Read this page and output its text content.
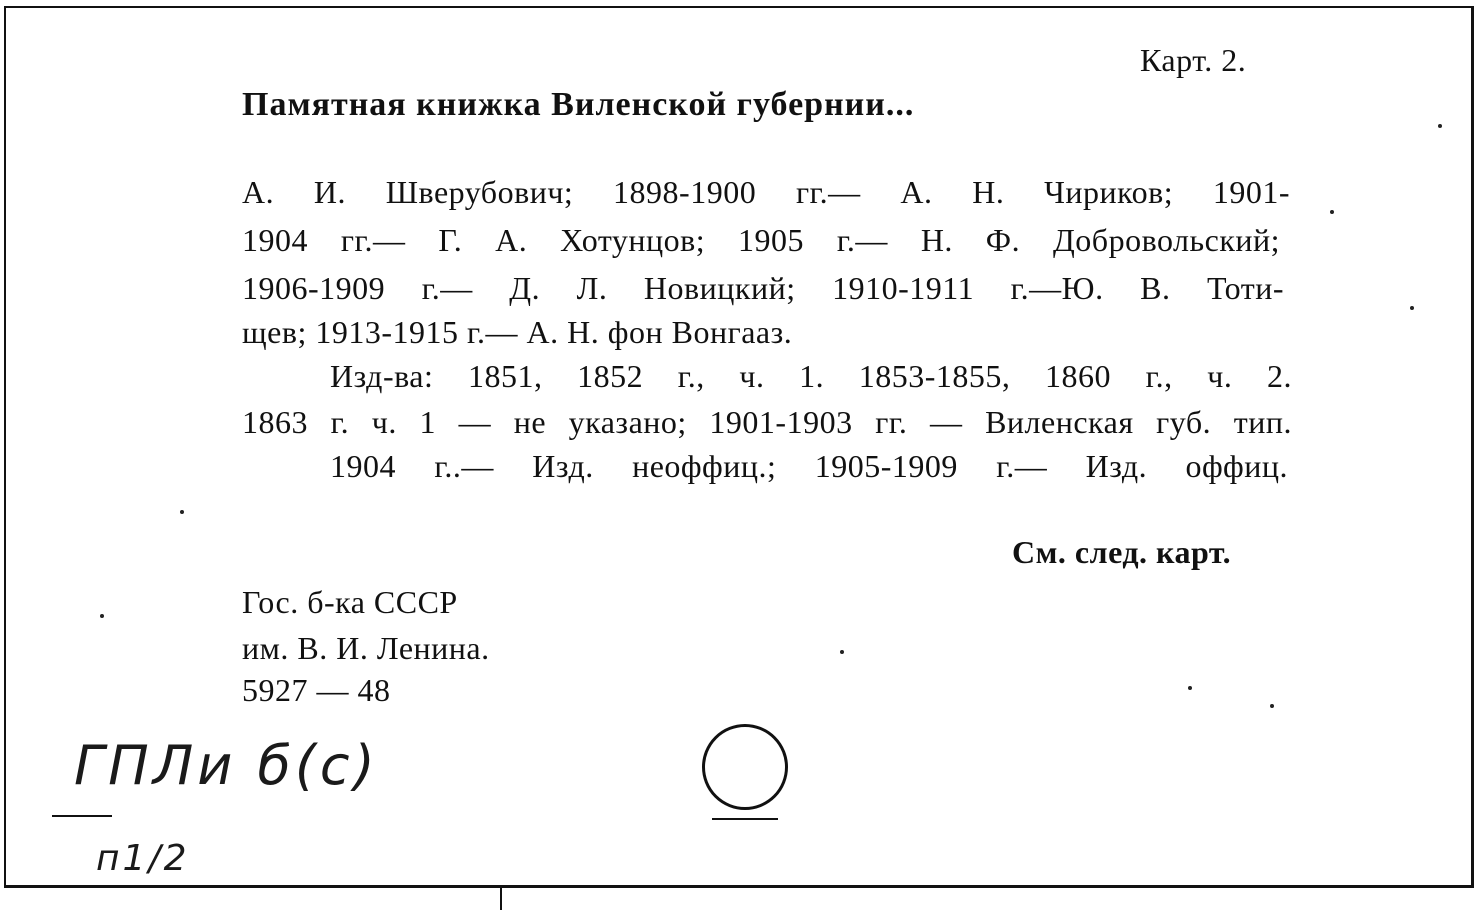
Карт. 2.
Памятная книжка Виленской губернии...
А. И. Шверубович; 1898-1900 гг.— А. Н. Чириков; 1901-
1904 гг.— Г. А. Хотунцов; 1905 г.— Н. Ф. Добровольский;
1906-1909 г.— Д. Л. Новицкий; 1910-1911 г.—Ю. В. Тоти-
щев; 1913-1915 г.— А. Н. фон Вонгааз.
Изд-ва: 1851, 1852 г., ч. 1. 1853-1855, 1860 г., ч. 2.
1863 г. ч. 1 — не указано; 1901-1903 гг. — Виленская губ. тип.
1904 г..— Изд. неоффиц.; 1905-1909 г.— Изд. оффиц.
См. след. карт.
Гос. б-ка СССР
им. В. И. Ленина.
5927 — 48
ГПЛи б(с)
п1/2
